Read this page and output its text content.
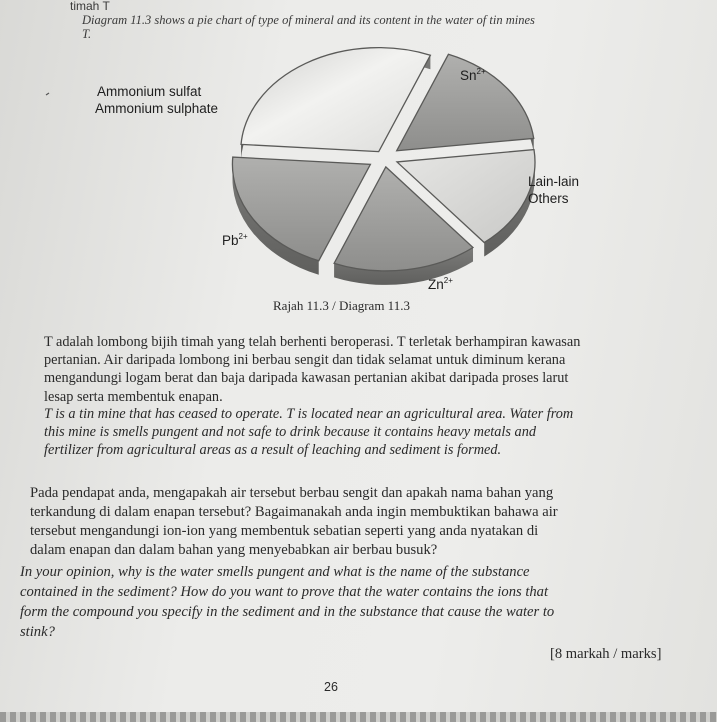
timah T
Diagram 11.3 shows a pie chart of type of mineral and its content in the water of tin mines
T.
$Sn^{2+}$
Ammonium sulfat
Ammonium sulphate
Lain-lain
Others
$Pb^{2+}$
$Zn^{2+}$
Rajah 11.3 / Diagram 11.3
T adalah lombong bijih timah yang telah berhenti beroperasi. T terletak berhampiran kawasan
pertanian. Air daripada lombong ini berbau sengit dan tidak selamat untuk diminum kerana
mengandungi logam berat dan baja daripada kawasan pertanian akibat daripada proses larut
lesap serta membentuk enapan.
T is a tin mine that has ceased to operate. T is located near an agricultural area. Water from
this mine is smells pungent and not safe to drink because it contains heavy metals and
fertilizer from agricultural areas as a result of leaching and sediment is formed.
Pada pendapat anda, mengapakah air tersebut berbau sengit dan apakah nama bahan yang
terkandung di dalam enapan tersebut? Bagaimanakah anda ingin membuktikan bahawa air
tersebut mengandungi ion-ion yang membentuk sebatian seperti yang anda nyatakan di
dalam enapan dan dalam bahan yang menyebabkan air berbau busuk?
In your opinion, why is the water smells pungent and what is the name of the substance
contained in the sediment? How do you want to prove that the water contains the ions that
form the compound you specify in the sediment and in the substance that cause the water to
stink?
[8 markah / marks]
26
